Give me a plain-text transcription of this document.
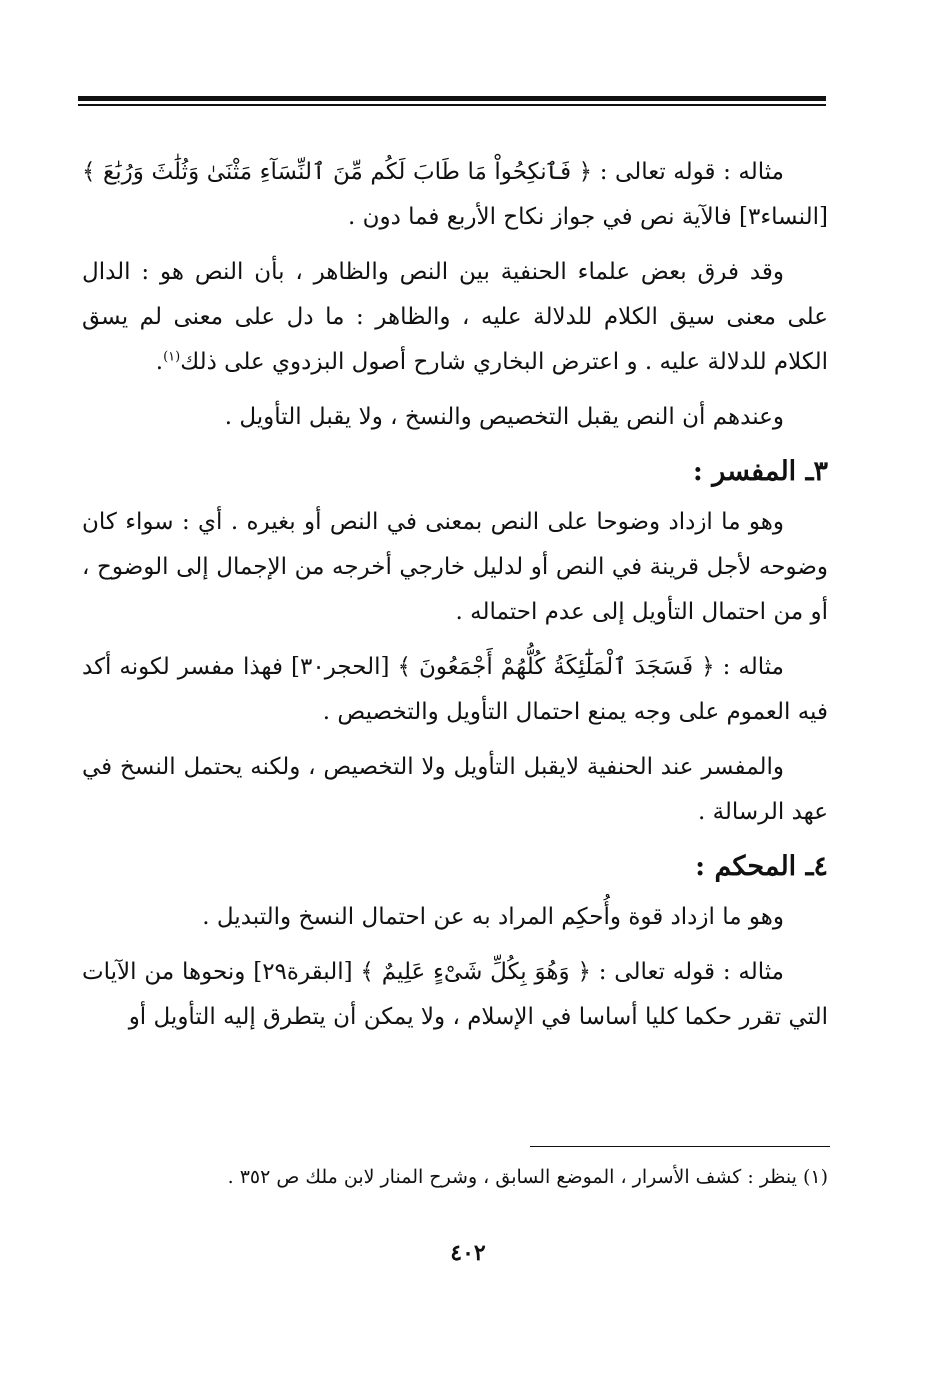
مثاله : قوله تعالى : ﴿ فَٱنكِحُواْ مَا طَابَ لَكُم مِّنَ ٱلنِّسَآءِ مَثْنَىٰ وَثُلَٰثَ وَرُبَٰعَ ﴾ [النساء٣] فالآية نص في جواز نكاح الأربع فما دون .

وقد فرق بعض علماء الحنفية بين النص والظاهر ، بأن النص هو : الدال على معنى سيق الكلام للدلالة عليه ، والظاهر : ما دل على معنى لم يسق الكلام للدلالة عليه . و اعترض البخاري شارح أصول البزدوي على ذلك$^{(١)}$.

وعندهم أن النص يقبل التخصيص والنسخ ، ولا يقبل التأويل .

٣ـ المفسر :

وهو ما ازداد وضوحا على النص بمعنى في النص أو بغيره . أي : سواء كان وضوحه لأجل قرينة في النص أو لدليل خارجي أخرجه من الإجمال إلى الوضوح ، أو من احتمال التأويل إلى عدم احتماله .

مثاله : ﴿ فَسَجَدَ ٱلْمَلَٰٓئِكَةُ كُلُّهُمْ أَجْمَعُونَ ﴾ [الحجر٣٠] فهذا مفسر لكونه أكد فيه العموم على وجه يمنع احتمال التأويل والتخصيص .

والمفسر عند الحنفية لايقبل التأويل ولا التخصيص ، ولكنه يحتمل النسخ في عهد الرسالة .

٤ـ المحكم :

وهو ما ازداد قوة وأُحكِم المراد به عن احتمال النسخ والتبديل .

مثاله : قوله تعالى : ﴿ وَهُوَ بِكُلِّ شَىْءٍ عَلِيمٌ ﴾ [البقرة٢٩] ونحوها من الآيات التي تقرر حكما كليا أساسا في الإسلام ، ولا يمكن أن يتطرق إليه التأويل أو

(١) ينظر : كشف الأسرار ، الموضع السابق ، وشرح المنار لابن ملك ص ٣٥٢ .
٤٠٢
